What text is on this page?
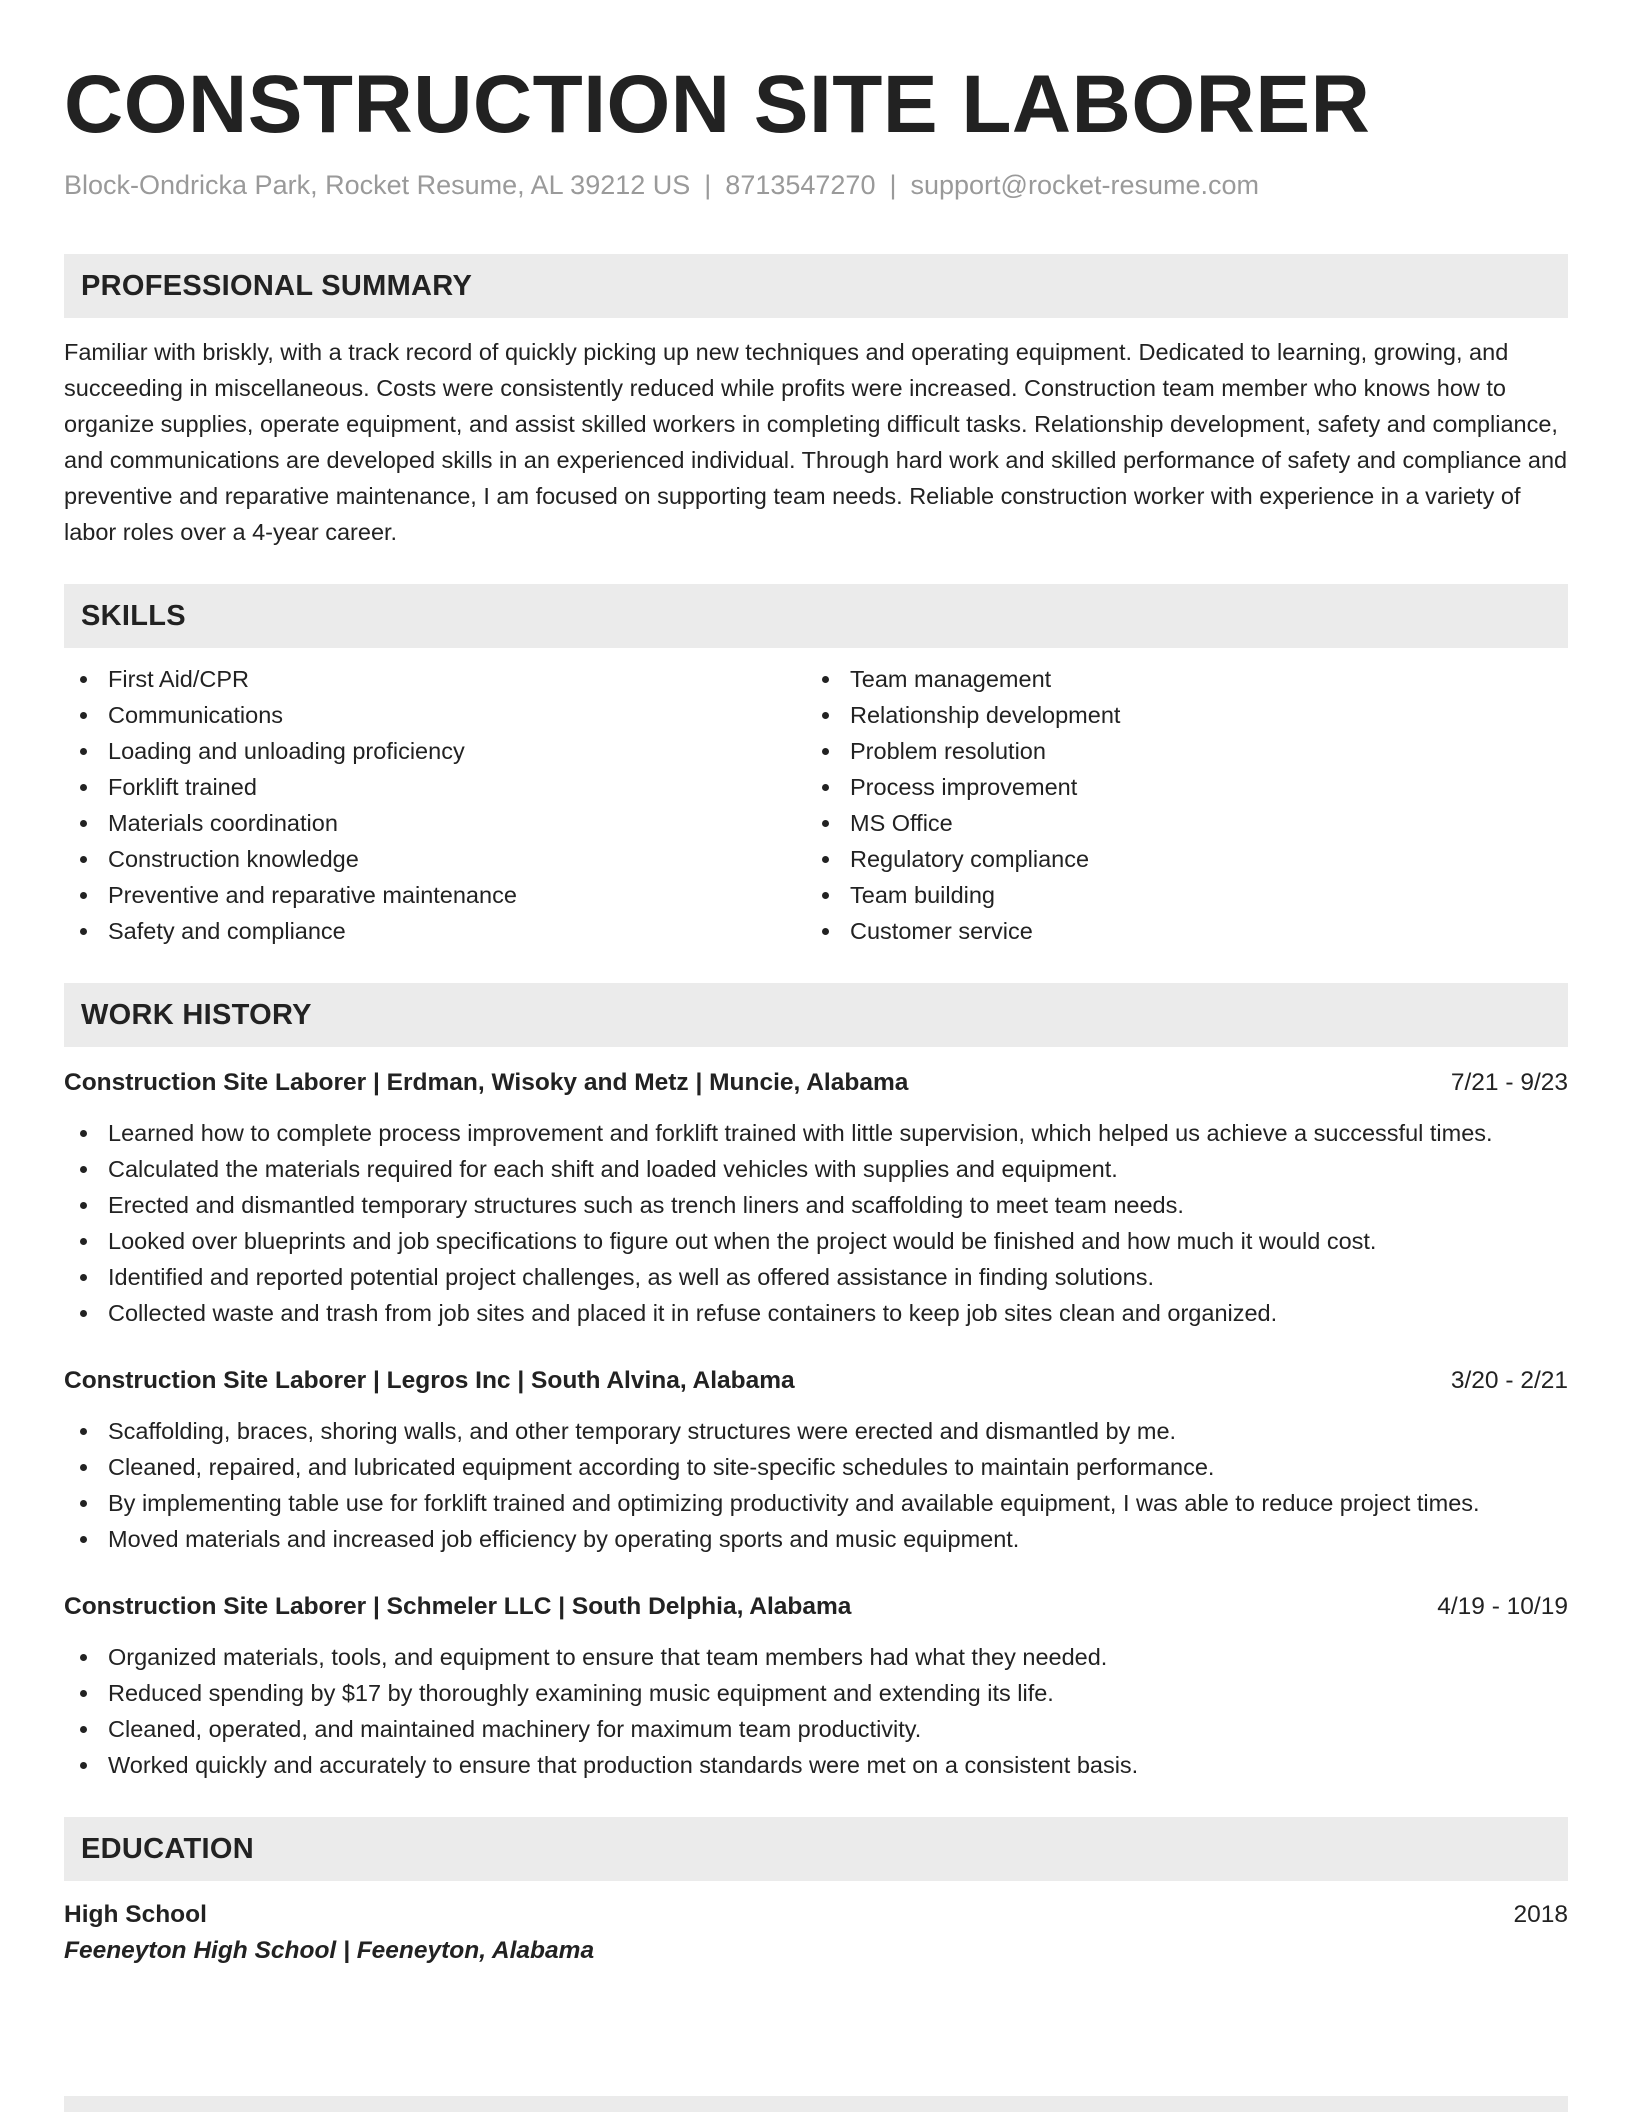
CONSTRUCTION SITE LABORER
Block-Ondricka Park, Rocket Resume, AL 39212 US | 8713547270 | support@rocket-resume.com
PROFESSIONAL SUMMARY

Familiar with briskly, with a track record of quickly picking up new techniques and operating equipment. Dedicated to learning, growing, and succeeding in miscellaneous. Costs were consistently reduced while profits were increased. Construction team member who knows how to organize supplies, operate equipment, and assist skilled workers in completing difficult tasks. Relationship development, safety and compliance, and communications are developed skills in an experienced individual. Through hard work and skilled performance of safety and compliance and preventive and reparative maintenance, I am focused on supporting team needs. Reliable construction worker with experience in a variety of labor roles over a 4-year career.

SKILLS
First Aid/CPR
Communications
Loading and unloading proficiency
Forklift trained
Materials coordination
Construction knowledge
Preventive and reparative maintenance
Safety and compliance
Team management
Relationship development
Problem resolution
Process improvement
MS Office
Regulatory compliance
Team building
Customer service
WORK HISTORY
Construction Site Laborer | Erdman, Wisoky and Metz | Muncie, Alabama	7/21 - 9/23
Learned how to complete process improvement and forklift trained with little supervision, which helped us achieve a successful times.
Calculated the materials required for each shift and loaded vehicles with supplies and equipment.
Erected and dismantled temporary structures such as trench liners and scaffolding to meet team needs.
Looked over blueprints and job specifications to figure out when the project would be finished and how much it would cost.
Identified and reported potential project challenges, as well as offered assistance in finding solutions.
Collected waste and trash from job sites and placed it in refuse containers to keep job sites clean and organized.
Construction Site Laborer | Legros Inc | South Alvina, Alabama	3/20 - 2/21
Scaffolding, braces, shoring walls, and other temporary structures were erected and dismantled by me.
Cleaned, repaired, and lubricated equipment according to site-specific schedules to maintain performance.
By implementing table use for forklift trained and optimizing productivity and available equipment, I was able to reduce project times.
Moved materials and increased job efficiency by operating sports and music equipment.
Construction Site Laborer | Schmeler LLC | South Delphia, Alabama	4/19 - 10/19
Organized materials, tools, and equipment to ensure that team members had what they needed.
Reduced spending by $17 by thoroughly examining music equipment and extending its life.
Cleaned, operated, and maintained machinery for maximum team productivity.
Worked quickly and accurately to ensure that production standards were met on a consistent basis.
EDUCATION
High School	2018
Feeneyton High School | Feeneyton, Alabama
